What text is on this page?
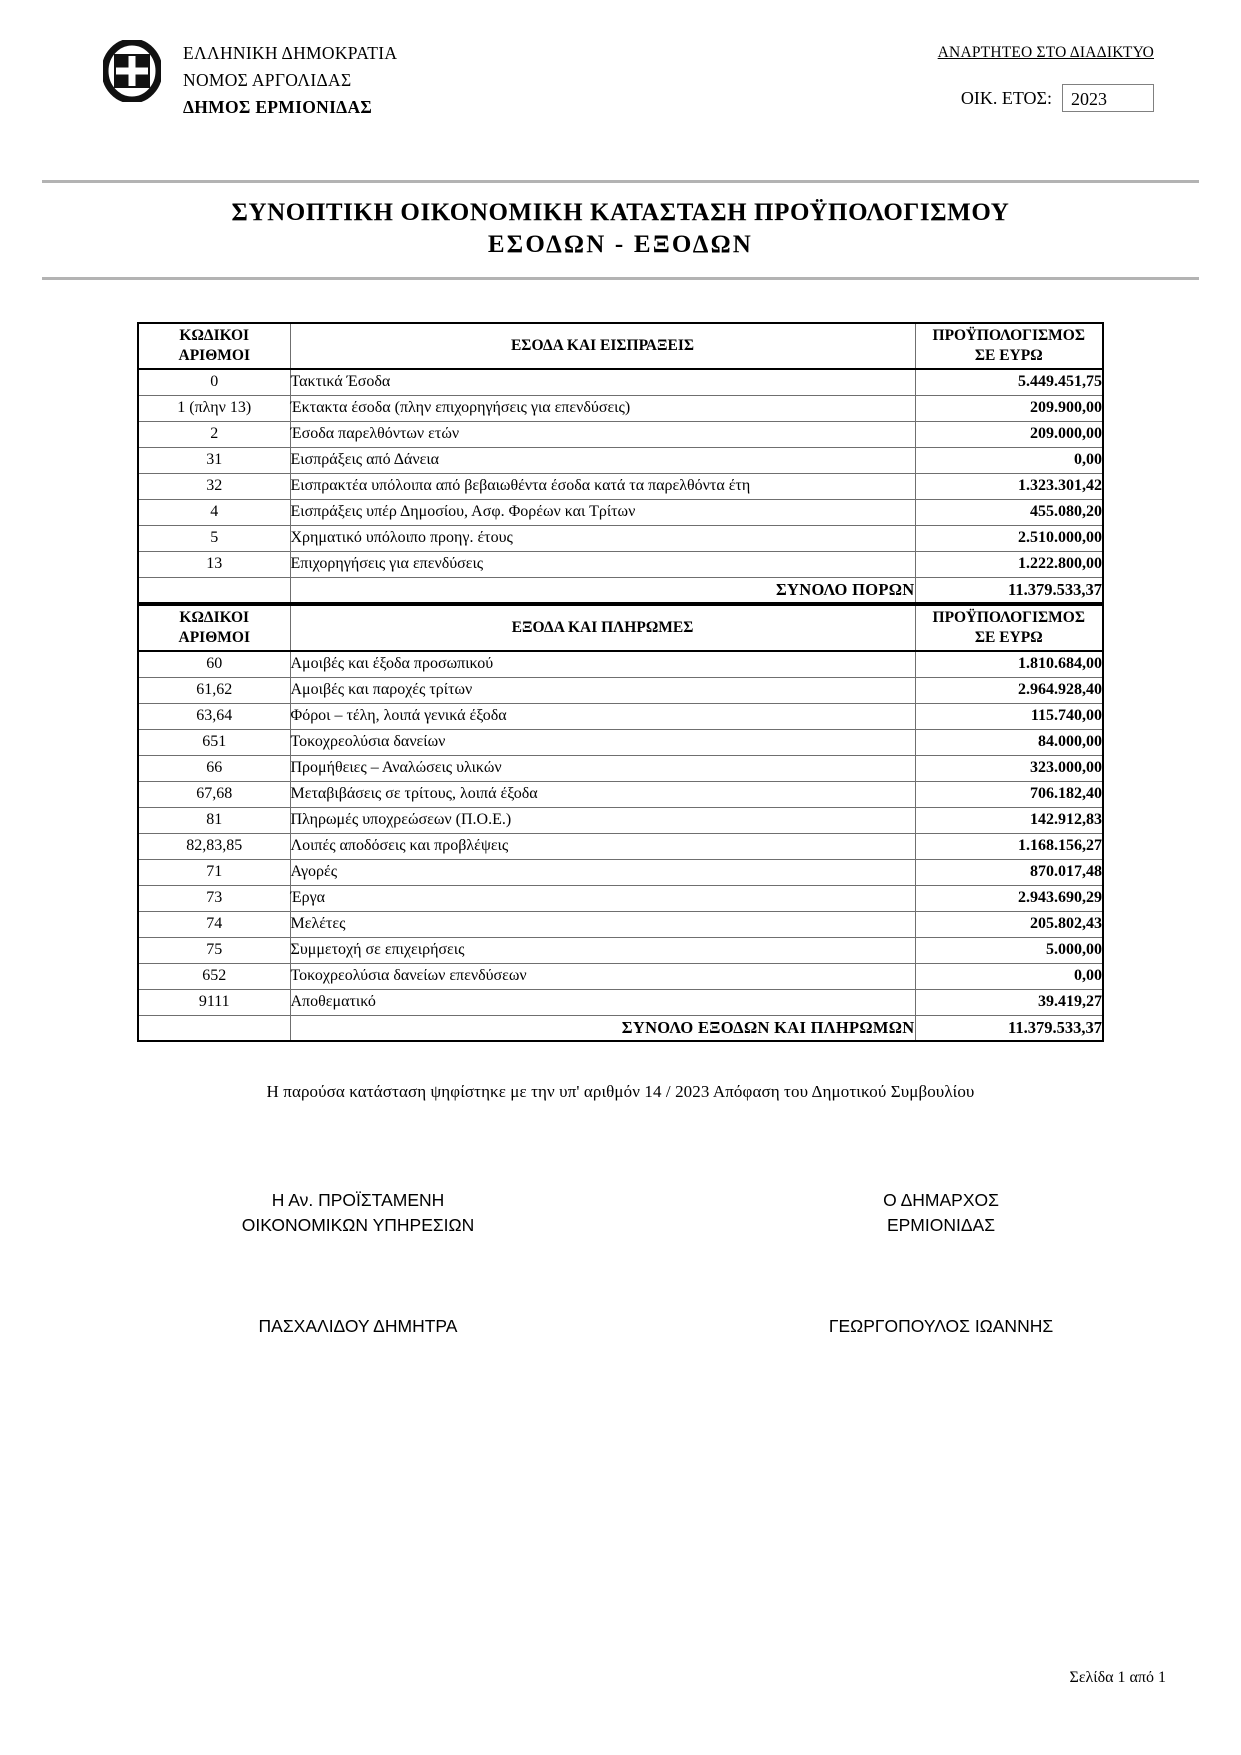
ΕΛΛΗΝΙΚΗ ΔΗΜΟΚΡΑΤΙΑ
ΝΟΜΟΣ ΑΡΓΟΛΙΔΑΣ
ΔΗΜΟΣ ΕΡΜΙΟΝΙΔΑΣ
ΑΝΑΡΤΗΤΕΟ ΣΤΟ ΔΙΑΔΙΚΤΥΟ
ΟΙΚ. ΕΤΟΣ:	2023
ΣΥΝΟΠΤΙΚΗ ΟΙΚΟΝΟΜΙΚΗ ΚΑΤΑΣΤΑΣΗ ΠΡΟΫΠΟΛΟΓΙΣΜΟΥ
ΕΣΟΔΩΝ - ΕΞΟΔΩΝ
ΚΩΔΙΚΟΙ
ΑΡΙΘΜΟΙ
	ΕΣΟΔΑ ΚΑΙ ΕΙΣΠΡΑΞΕΙΣ	
ΠΡΟΫΠΟΛΟΓΙΣΜΟΣ
ΣΕ ΕΥΡΩ

0	Τακτικά Έσοδα	5.449.451,75
1 (πλην 13)	Έκτακτα έσοδα (πλην επιχορηγήσεις για επενδύσεις)	209.900,00
2	Έσοδα παρελθόντων ετών	209.000,00
31	Εισπράξεις από Δάνεια	0,00
32	Εισπρακτέα υπόλοιπα από βεβαιωθέντα έσοδα κατά τα παρελθόντα έτη	1.323.301,42
4	Εισπράξεις υπέρ Δημοσίου, Ασφ. Φορέων και Τρίτων	455.080,20
5	Χρηματικό υπόλοιπο προηγ. έτους	2.510.000,00
13	Επιχορηγήσεις για επενδύσεις	1.222.800,00
	ΣΥΝΟΛΟ ΠΟΡΩΝ	11.379.533,37
ΚΩΔΙΚΟΙ
ΑΡΙΘΜΟΙ
	ΕΞΟΔΑ ΚΑΙ ΠΛΗΡΩΜΕΣ	
ΠΡΟΫΠΟΛΟΓΙΣΜΟΣ
ΣΕ ΕΥΡΩ

60	Αμοιβές και έξοδα προσωπικού	1.810.684,00
61,62	Αμοιβές και παροχές τρίτων	2.964.928,40
63,64	Φόροι – τέλη, λοιπά γενικά έξοδα	115.740,00
651	Τοκοχρεολύσια δανείων	84.000,00
66	Προμήθειες – Αναλώσεις υλικών	323.000,00
67,68	Μεταβιβάσεις σε τρίτους, λοιπά έξοδα	706.182,40
81	Πληρωμές υποχρεώσεων (Π.Ο.Ε.)	142.912,83
82,83,85	Λοιπές αποδόσεις και προβλέψεις	1.168.156,27
71	Αγορές	870.017,48
73	Έργα	2.943.690,29
74	Μελέτες	205.802,43
75	Συμμετοχή σε επιχειρήσεις	5.000,00
652	Τοκοχρεολύσια δανείων επενδύσεων	0,00
9111	Αποθεματικό	39.419,27
	ΣΥΝΟΛΟ ΕΞΟΔΩΝ ΚΑΙ ΠΛΗΡΩΜΩΝ	11.379.533,37
Η παρούσα κατάσταση ψηφίστηκε με την υπ' αριθμόν 14 / 2023 Απόφαση του Δημοτικού Συμβουλίου
Η Αν. ΠΡΟΪΣΤΑΜΕΝΗ
ΟΙΚΟΝΟΜΙΚΩΝ ΥΠΗΡΕΣΙΩΝ
Ο ΔΗΜΑΡΧΟΣ
ΕΡΜΙΟΝΙΔΑΣ
ΠΑΣΧΑΛΙΔΟΥ ΔΗΜΗΤΡΑ	ΓΕΩΡΓΟΠΟΥΛΟΣ ΙΩΑΝΝΗΣ
Σελίδα 1 από 1
